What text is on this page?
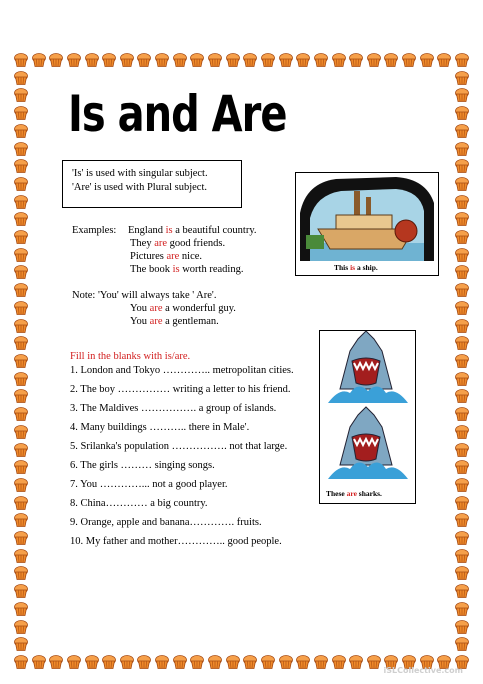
Is and Are
'Is' is used with singular subject.
'Are' is used with Plural subject.
Examples: England is a beautiful country.
They are good friends.
Pictures are nice.
The book is worth reading.
Note: 'You' will always take ' Are'.
You are a wonderful guy.
You are a gentleman.
This is a ship.
These are sharks.
Fill in the blanks with is/are.
1. London and Tokyo ………….. metropolitan cities.
2. The boy …………… writing a letter to his friend.
3. The Maldives ……………. a group of islands.
4. Many buildings ……….. there in Male'.
5. Srilanka's population ……………. not that large.
6. The girls ……… singing songs.
7. You …………... not a good player.
8. China………… a big country.
9. Orange, apple and banana…………. fruits.
10. My father and mother………….. good people.
iSLCollective.com
